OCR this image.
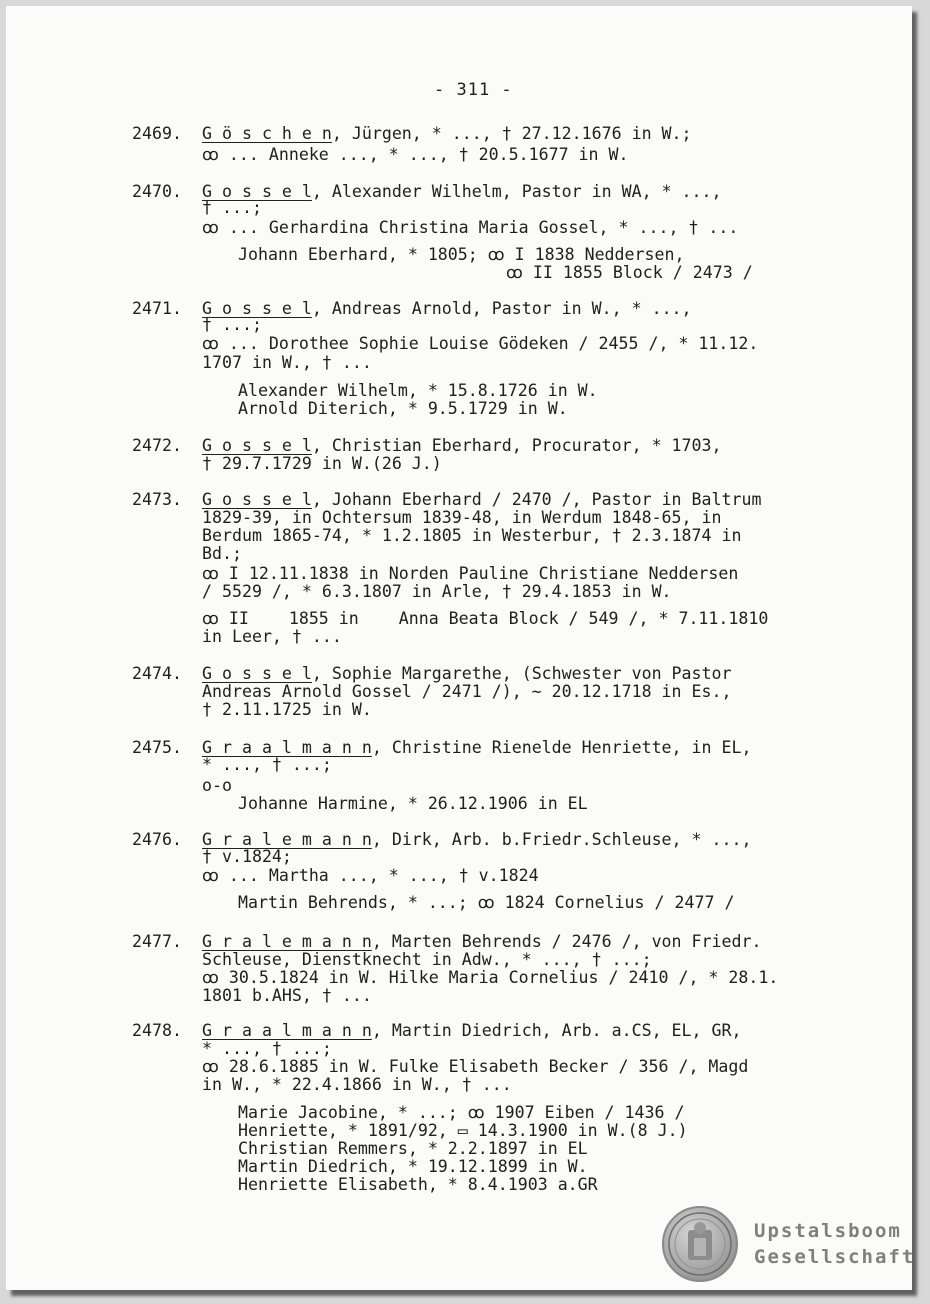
- 311 -
2469. G ö s c h e n, Jürgen, * ..., † 27.12.1676 in W.;
ꝏ ... Anneke ..., * ..., † 20.5.1677 in W.
2470. G o s s e l, Alexander Wilhelm, Pastor in WA, * ...,
† ...;
ꝏ ... Gerhardina Christina Maria Gossel, * ..., † ...
Johann Eberhard, * 1805; ꝏ I 1838 Neddersen,
ꝏ II 1855 Block / 2473 /
2471. G o s s e l, Andreas Arnold, Pastor in W., * ...,
† ...;
ꝏ ... Dorothee Sophie Louise Gödeken / 2455 /, * 11.12.
1707 in W., † ...
Alexander Wilhelm, * 15.8.1726 in W.
Arnold Diterich, * 9.5.1729 in W.
2472. G o s s e l, Christian Eberhard, Procurator, * 1703,
† 29.7.1729 in W.(26 J.)
2473. G o s s e l, Johann Eberhard / 2470 /, Pastor in Baltrum
1829-39, in Ochtersum 1839-48, in Werdum 1848-65, in
Berdum 1865-74, * 1.2.1805 in Westerbur, † 2.3.1874 in
Bd.;
ꝏ I 12.11.1838 in Norden Pauline Christiane Neddersen
/ 5529 /, * 6.3.1807 in Arle, † 29.4.1853 in W.
ꝏ II    1855 in    Anna Beata Block / 549 /, * 7.11.1810
in Leer, † ...
2474. G o s s e l, Sophie Margarethe, (Schwester von Pastor
Andreas Arnold Gossel / 2471 /), ~ 20.12.1718 in Es.,
† 2.11.1725 in W.
2475. G r a a l m a n n, Christine Rienelde Henriette, in EL,
* ..., † ...;
o-o
Johanne Harmine, * 26.12.1906 in EL
2476. G r a l e m a n n, Dirk, Arb. b.Friedr.Schleuse, * ...,
† v.1824;
ꝏ ... Martha ..., * ..., † v.1824
Martin Behrends, * ...; ꝏ 1824 Cornelius / 2477 /
2477. G r a l e m a n n, Marten Behrends / 2476 /, von Friedr.
Schleuse, Dienstknecht in Adw., * ..., † ...;
ꝏ 30.5.1824 in W. Hilke Maria Cornelius / 2410 /, * 28.1.
1801 b.AHS, † ...
2478. G r a a l m a n n, Martin Diedrich, Arb. a.CS, EL, GR,
* ..., † ...;
ꝏ 28.6.1885 in W. Fulke Elisabeth Becker / 356 /, Magd
in W., * 22.4.1866 in W., † ...
Marie Jacobine, * ...; ꝏ 1907 Eiben / 1436 /
Henriette, * 1891/92, ▭ 14.3.1900 in W.(8 J.)
Christian Remmers, * 2.2.1897 in EL
Martin Diedrich, * 19.12.1899 in W.
Henriette Elisabeth, * 8.4.1903 a.GR
Upstalsboom
Gesellschaft
